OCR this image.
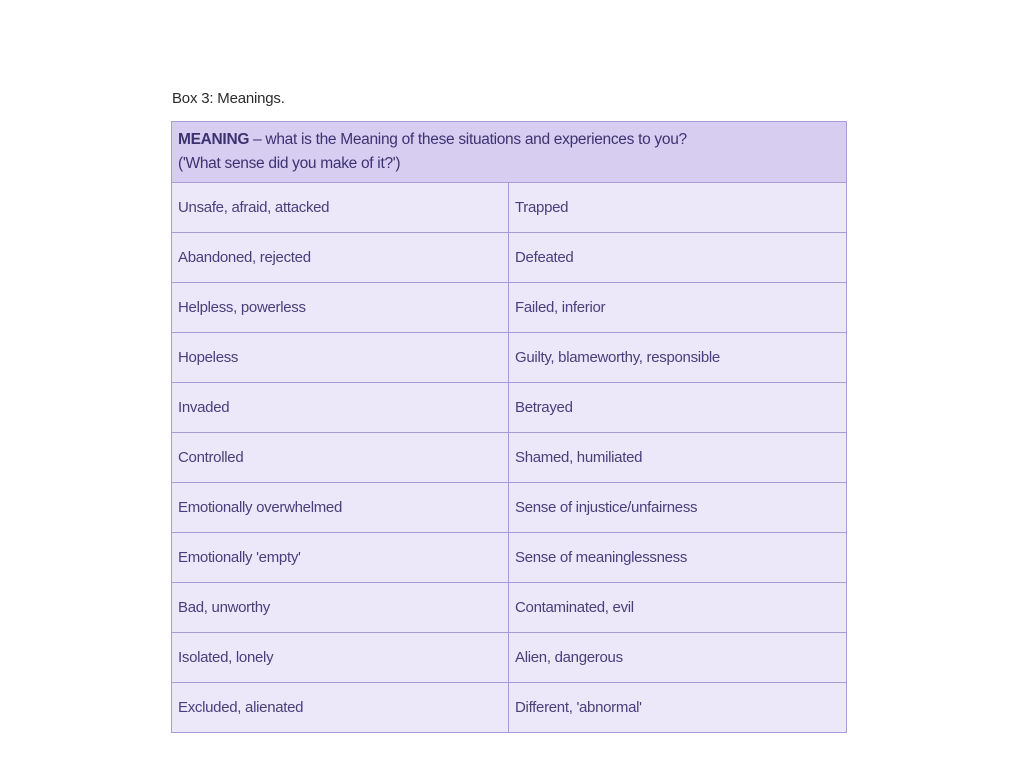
Box 3: Meanings.
MEANING – what is the Meaning of these situations and experiences to you?
('What sense did you make of it?')	

Unsafe, afraid, attacked	Trapped
Abandoned, rejected	Defeated
Helpless, powerless	Failed, inferior
Hopeless	Guilty, blameworthy, responsible
Invaded	Betrayed
Controlled	Shamed, humiliated
Emotionally overwhelmed	Sense of injustice/unfairness
Emotionally 'empty'	Sense of meaninglessness
Bad, unworthy	Contaminated, evil
Isolated, lonely	Alien, dangerous
Excluded, alienated	Different, 'abnormal'
